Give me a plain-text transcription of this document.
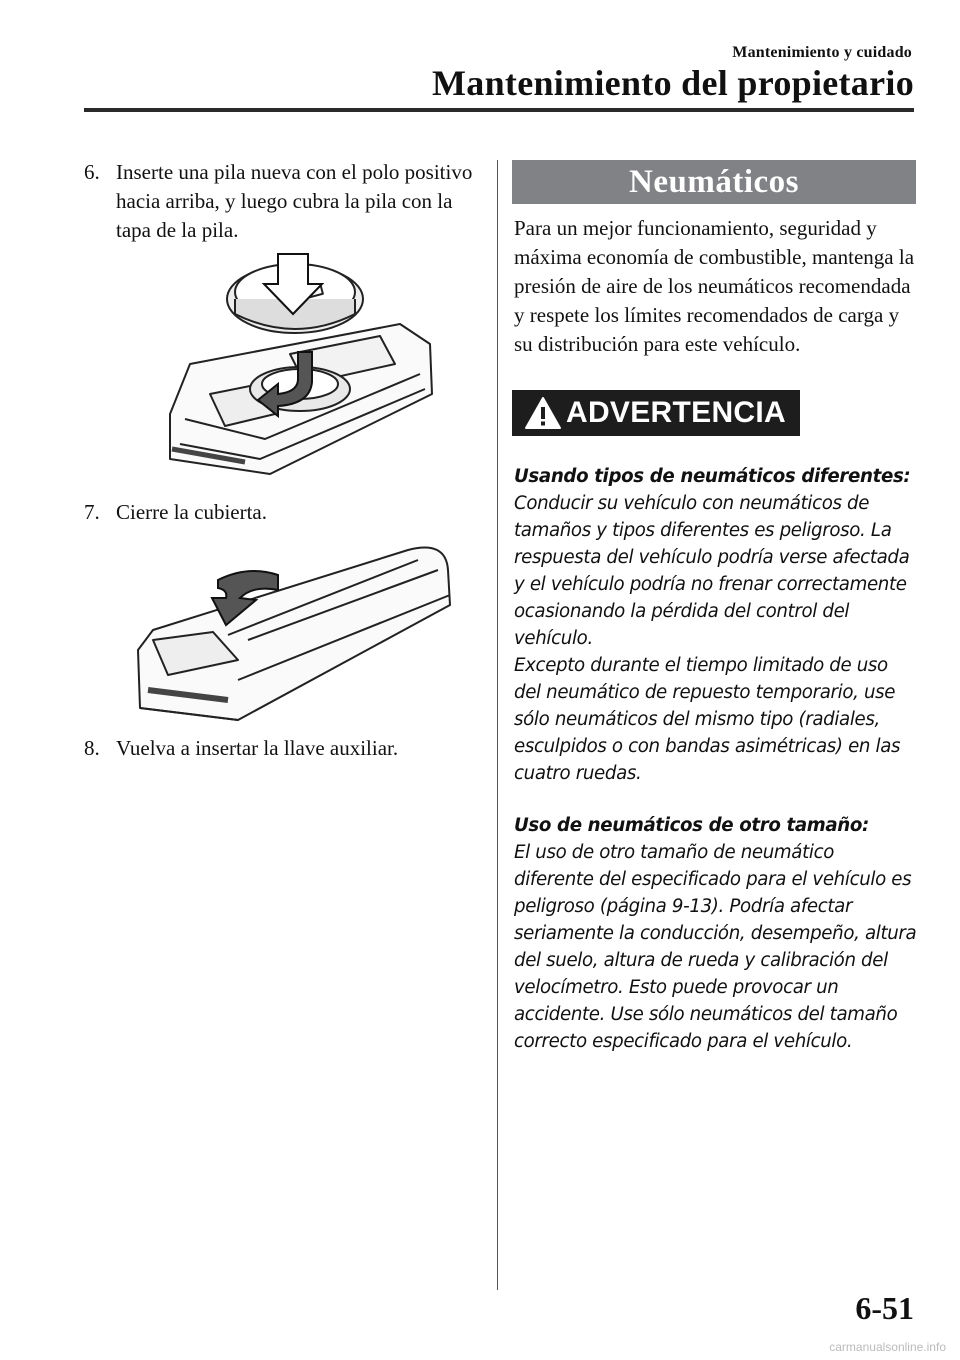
Mantenimiento y cuidado
Mantenimiento del propietario
6. Inserte una pila nueva con el polo positivo hacia arriba, y luego cubra la pila con la tapa de la pila.
7. Cierre la cubierta.
8. Vuelva a insertar la llave auxiliar.
Neumáticos
Para un mejor funcionamiento, seguridad y máxima economía de combustible, mantenga la presión de aire de los neumáticos recomendada y respete los límites recomendados de carga y su distribución para este vehículo.
ADVERTENCIA
Usando tipos de neumáticos diferentes:
Conducir su vehículo con neumáticos de tamaños y tipos diferentes es peligroso. La respuesta del vehículo podría verse afectada y el vehículo podría no frenar correctamente ocasionando la pérdida del control del vehículo.
Excepto durante el tiempo limitado de uso del neumático de repuesto temporario, use sólo neumáticos del mismo tipo (radiales, esculpidos o con bandas asimétricas) en las cuatro ruedas.
Uso de neumáticos de otro tamaño:
El uso de otro tamaño de neumático diferente del especificado para el vehículo es peligroso (página 9-13). Podría afectar seriamente la conducción, desempeño, altura del suelo, altura de rueda y calibración del velocímetro. Esto puede provocar un accidente. Use sólo neumáticos del tamaño correcto especificado para el vehículo.
6-51
carmanualsonline.info
